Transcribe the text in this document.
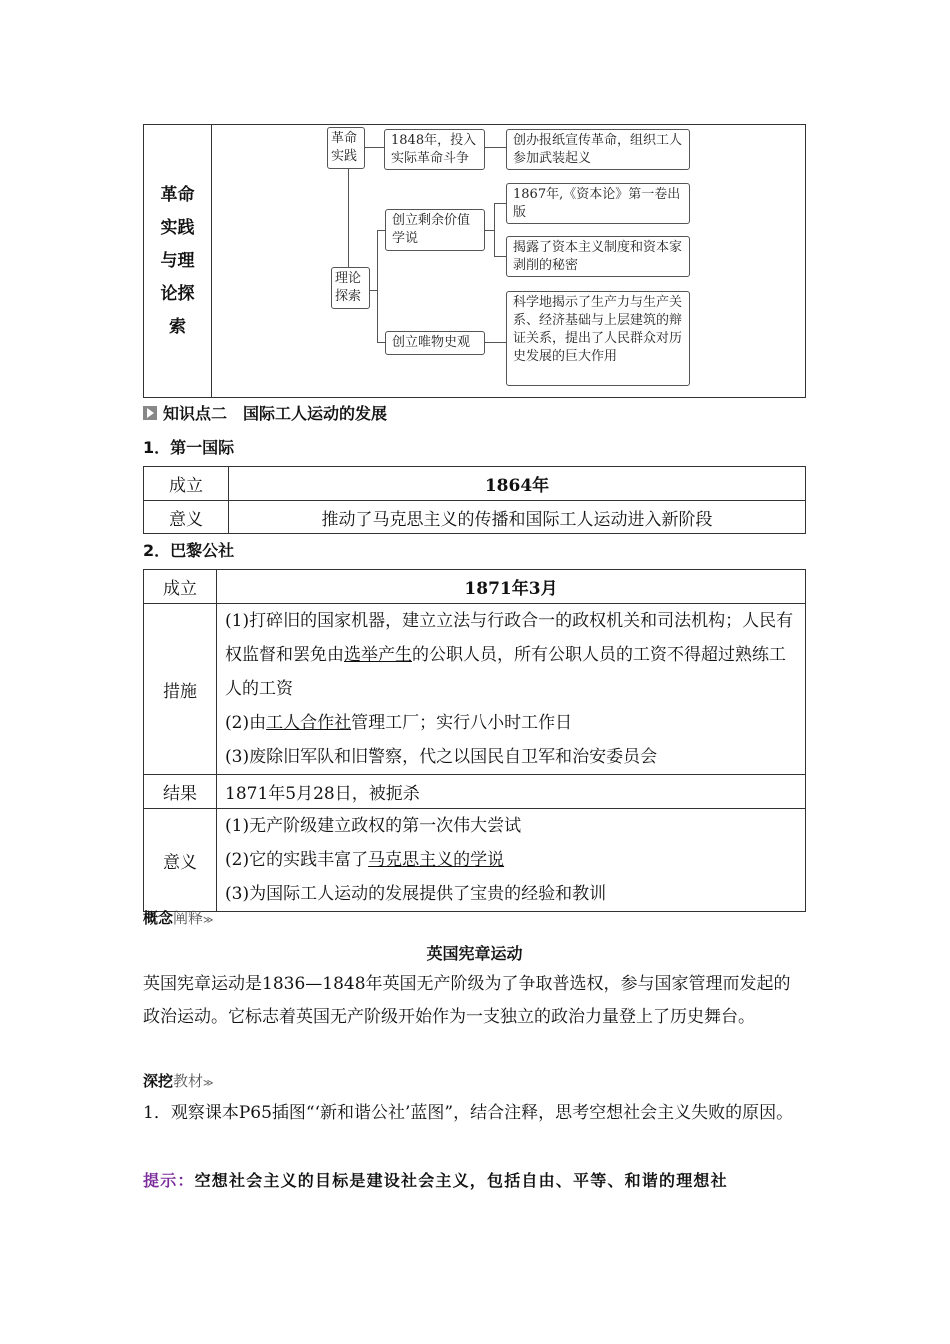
革命实践与理论探索
革命实践
1848年，投入实际革命斗争
创办报纸宣传革命，组织工人参加武装起义
理论探索
创立剩余价值学说
1867年,《资本论》第一卷出版
揭露了资本主义制度和资本家剥削的秘密
创立唯物史观
科学地揭示了生产力与生产关系、经济基础与上层建筑的辩证关系，提出了人民群众对历史发展的巨大作用
知识点二　国际工人运动的发展
1．第一国际
成立	1864年
意义	推动了马克思主义的传播和国际工人运动进入新阶段
2．巴黎公社
成立	1871年3月
措施	(1)打碎旧的国家机器，建立立法与行政合一的政权机关和司法机构；人民有权监督和罢免由选举产生的公职人员，所有公职人员的工资不得超过熟练工人的工资
(2)由工人合作社管理工厂；实行八小时工作日
(3)废除旧军队和旧警察，代之以国民自卫军和治安委员会

结果	1871年5月28日，被扼杀
意义	(1)无产阶级建立政权的第一次伟大尝试
(2)它的实践丰富了马克思主义的学说
(3)为国际工人运动的发展提供了宝贵的经验和教训
概念阐释≫
英国宪章运动
英国宪章运动是1836—1848年英国无产阶级为了争取普选权，参与国家管理而发起的政治运动。它标志着英国无产阶级开始作为一支独立的政治力量登上了历史舞台。
深挖教材≫
1．观察课本P65插图“‘新和谐公社’蓝图”，结合注释，思考空想社会主义失败的原因。
提示：空想社会主义的目标是建设社会主义，包括自由、平等、和谐的理想社
